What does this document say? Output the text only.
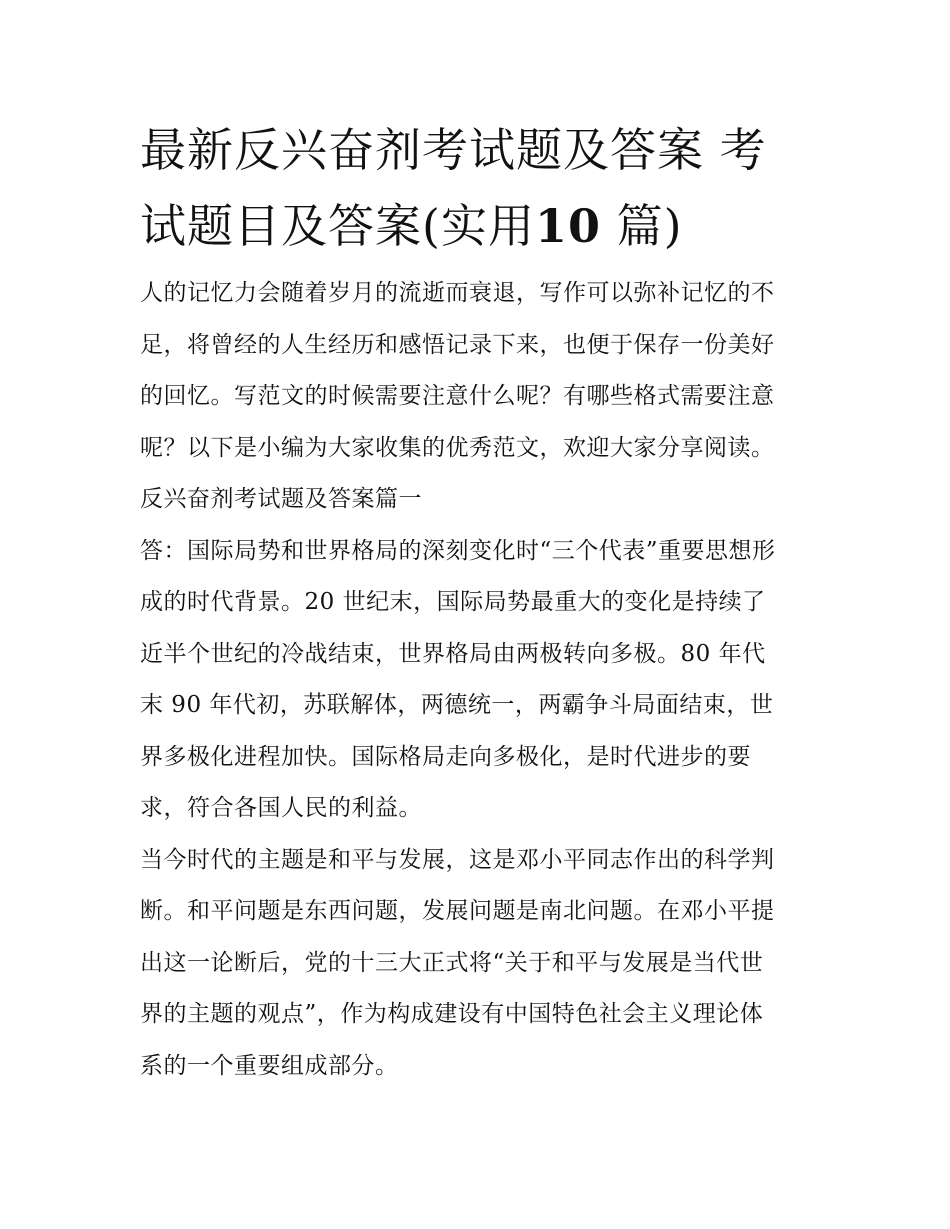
最新反兴奋剂考试题及答案 考
试题目及答案(实用10 篇)
人的记忆力会随着岁月的流逝而衰退，写作可以弥补记忆的不
足，将曾经的人生经历和感悟记录下来，也便于保存一份美好
的回忆。写范文的时候需要注意什么呢？有哪些格式需要注意
呢？以下是小编为大家收集的优秀范文，欢迎大家分享阅读。
反兴奋剂考试题及答案篇一
答：国际局势和世界格局的深刻变化时“三个代表”重要思想形
成的时代背景。20 世纪末，国际局势最重大的变化是持续了
近半个世纪的冷战结束，世界格局由两极转向多极。80 年代
末 90 年代初，苏联解体，两德统一，两霸争斗局面结束，世
界多极化进程加快。国际格局走向多极化，是时代进步的要
求，符合各国人民的利益。
当今时代的主题是和平与发展，这是邓小平同志作出的科学判
断。和平问题是东西问题，发展问题是南北问题。在邓小平提
出这一论断后，党的十三大正式将“关于和平与发展是当代世
界的主题的观点”，作为构成建设有中国特色社会主义理论体
系的一个重要组成部分。
